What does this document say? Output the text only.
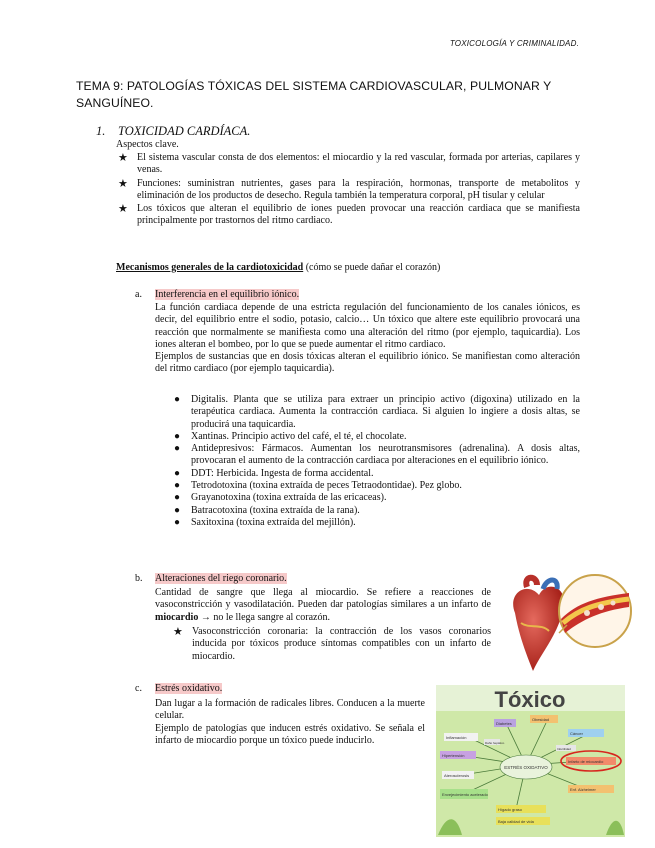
TOXICOLOGÍA Y CRIMINALIDAD.
TEMA 9: PATOLOGÍAS TÓXICAS DEL SISTEMA CARDIOVASCULAR, PULMONAR Y SANGUÍNEO.
1. TOXICIDAD CARDÍACA.
Aspectos clave.
★ El sistema vascular consta de dos elementos: el miocardio y la red vascular, formada por arterias, capilares y venas.
★ Funciones: suministran nutrientes, gases para la respiración, hormonas, transporte de metabolitos y eliminación de los productos de desecho. Regula también la temperatura corporal, pH tisular y celular
★ Los tóxicos que alteran el equilibrio de iones pueden provocar una reacción cardiaca que se manifiesta principalmente por trastornos del ritmo cardiaco.
Mecanismos generales de la cardiotoxicidad (cómo se puede dañar el corazón)
a. Interferencia en el equilibrio iónico.
La función cardiaca depende de una estricta regulación del funcionamiento de los canales iónicos, es decir, del equilibrio entre el sodio, potasio, calcio… Un tóxico que altere este equilibrio provocará una reacción que normalmente se manifiesta como una alteración del ritmo (por ejemplo, taquicardia). Los iones alteran el bombeo, por lo que se puede aumentar el ritmo cardiaco.
Ejemplos de sustancias que en dosis tóxicas alteran el equilibrio iónico. Se manifiestan como alteración del ritmo cardiaco (por ejemplo taquicardia).
● Digitalis. Planta que se utiliza para extraer un principio activo (digoxina) utilizado en la terapéutica cardiaca. Aumenta la contracción cardiaca. Si alguien lo ingiere a dosis altas, se producirá una taquicardia.
● Xantinas. Principio activo del café, el té, el chocolate.
● Antidepresivos: Fármacos. Aumentan los neurotransmisores (adrenalina). A dosis altas, provocaran el aumento de la contracción cardiaca por alteraciones en el equilibrio iónico.
● DDT: Herbicida. Ingesta de forma accidental.
● Tetrodotoxina (toxina extraída de peces Tetraodontidae). Pez globo.
● Grayanotoxina (toxina extraída de las ericaceas).
● Batracotoxina (toxina extraída de la rana).
● Saxitoxina (toxina extraída del mejillón).
b. Alteraciones del riego coronario.
Cantidad de sangre que llega al miocardio. Se refiere a reacciones de vasoconstricción y vasodilatación. Pueden dar patologías similares a un infarto de miocardio → no le llega sangre al corazón.
★ Vasoconstricción coronaria: la contracción de los vasos coronarios inducida por tóxicos produce síntomas compatibles con un infarto de miocardio.
c. Estrés oxidativo.
Dan lugar a la formación de radicales libres. Conducen a la muerte celular.
Ejemplo de patologías que inducen estrés oxidativo. Se señala el infarto de miocardio porque un tóxico puede inducirlo.
Tóxico
ESTRÉS OXIDATIVO
Diabetes
Obesidad
Inflamación
Cáncer
Hipertensión
Infarto de miocardio
Aterosclerosis
Hígado graso
Enf. Alzheimer
Envejecimiento acelerado
Daño hepático
Infertilidad
Baja calidad de vida
